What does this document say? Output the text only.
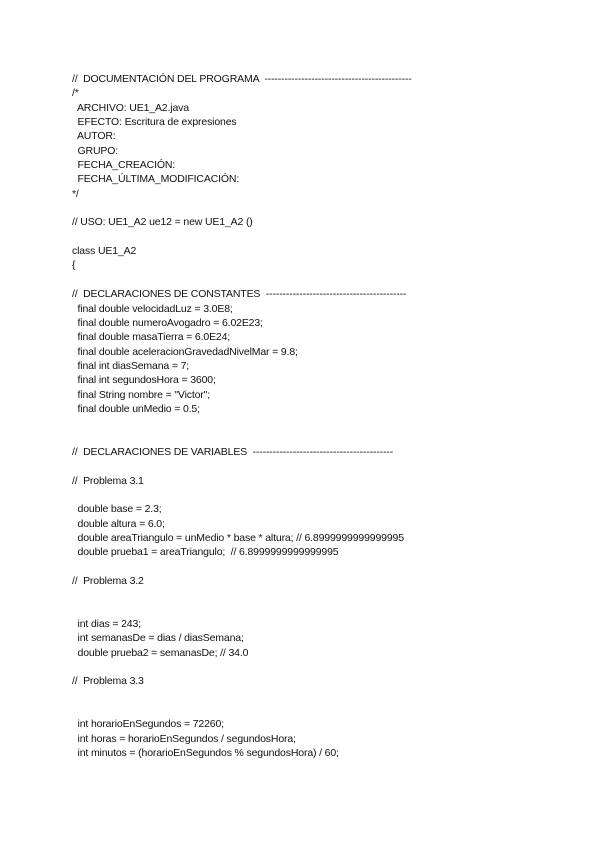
//  DOCUMENTACIÓN DEL PROGRAMA  --------------------------------------------
/*
ARCHIVO: UE1_A2.java
EFECTO: Escritura de expresiones
AUTOR:
GRUPO:
FECHA_CREACIÓN:
FECHA_ÚLTIMA_MODIFICACIÓN:
*/
// USO: UE1_A2 ue12 = new UE1_A2 ()
class UE1_A2
{
//  DECLARACIONES DE CONSTANTES  ------------------------------------------
final double velocidadLuz = 3.0E8;
final double numeroAvogadro = 6.02E23;
final double masaTierra = 6.0E24;
final double aceleracionGravedadNivelMar = 9.8;
final int diasSemana = 7;
final int segundosHora = 3600;
final String nombre = "Victor";
final double unMedio = 0.5;
//  DECLARACIONES DE VARIABLES  ------------------------------------------
//  Problema 3.1
double base = 2.3;
double altura = 6.0;
double areaTriangulo = unMedio * base * altura; // 6.8999999999999995
double prueba1 = areaTriangulo;  // 6.8999999999999995
//  Problema 3.2
int dias = 243;
int semanasDe = dias / diasSemana;
double prueba2 = semanasDe; // 34.0
//  Problema 3.3
int horarioEnSegundos = 72260;
int horas = horarioEnSegundos / segundosHora;
int minutos = (horarioEnSegundos % segundosHora) / 60;
